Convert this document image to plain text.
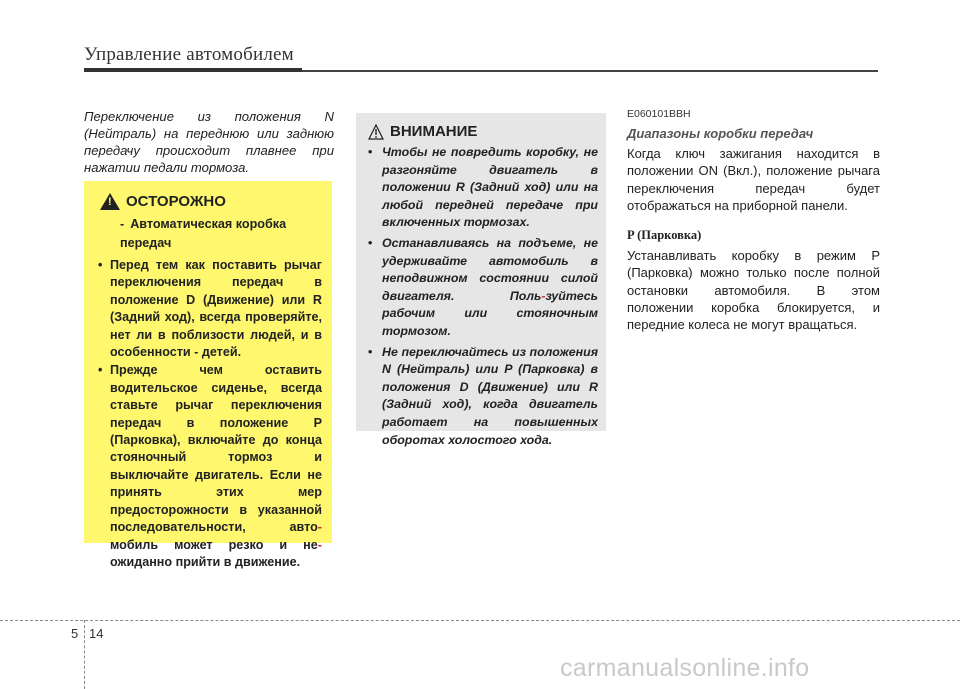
Управление автомобилем

Переключение из положения N (Нейтраль) на переднюю или заднюю передачу происходит плавнее при нажатии педали тормоза.

! ОСТОРОЖНО
- Автоматическая коробка передач
• Перед тем как поставить рычаг переключения передач в положение D (Движение) или R (Задний ход), всегда проверяйте, нет ли в поблизости людей, и в особенности - детей.
• Прежде чем оставить водительское сиденье, всегда ставьте рычаг переключения передач в положение P (Парковка), включайте до конца стояночный тормоз и выключайте двигатель. Если не принять этих мер предосторожности в указанной последовательности, авто-мобиль может резко и не-ожиданно прийти в движение.
ВНИМАНИЕ
• Чтобы не повредить коробку, не разгоняйте двигатель в положении R (Задний ход) или на любой передней передаче при включенных тормозах.
• Останавливаясь на подъеме, не удерживайте автомобиль в неподвижном состоянии силой двигателя. Поль-зуйтесь рабочим или стояночным тормозом.
• Не переключайтесь из положения N (Нейтраль) или P (Парковка) в положения D (Движение) или R (Задний ход), когда двигатель работает на повышенных оборотах холостого хода.

E060101BBH

Диапазоны коробки передач

Когда ключ зажигания находится в положении ON (Вкл.), положение рычага переключения передач будет отображаться на приборной панели.

P (Парковка)

Устанавливать коробку в режим P (Парковка) можно только после полной остановки автомобиля. В этом положении коробка блокируется, и передние колеса не могут вращаться.

5 14
carmanualsonline.info
